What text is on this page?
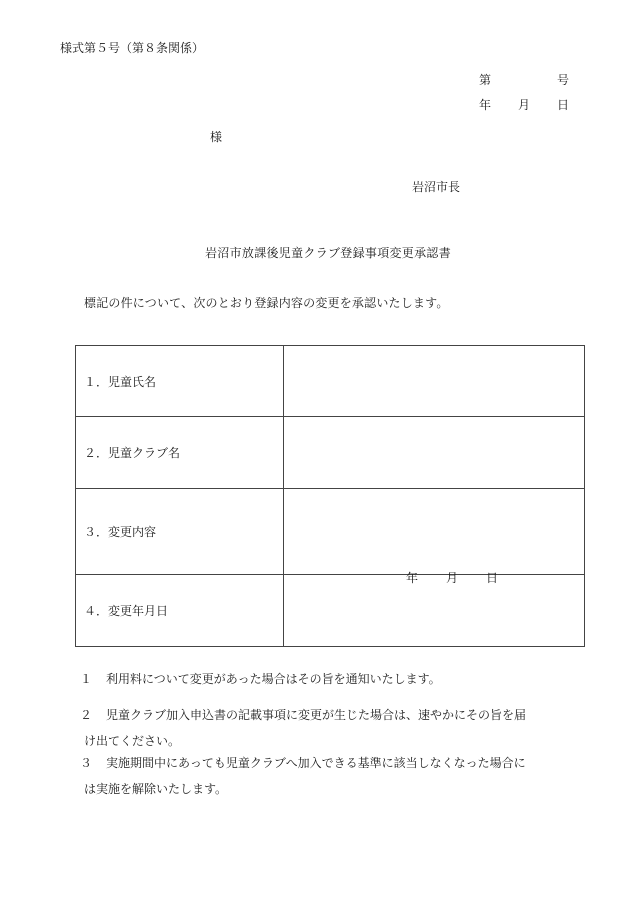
様式第５号（第８条関係）
第	号
年 月 日
様
岩沼市長
岩沼市放課後児童クラブ登録事項変更承認書
標記の件について、次のとおり登録内容の変更を承認いたします。
１．児童氏名	
２．児童クラブ名	
３．変更内容	
４．変更年月日	年 月 日
１ 利用料について変更があった場合はその旨を通知いたします。
２ 児童クラブ加入申込書の記載事項に変更が生じた場合は、速やかにその旨を届
け出てください。
３ 実施期間中にあっても児童クラブへ加入できる基準に該当しなくなった場合に
は実施を解除いたします。
